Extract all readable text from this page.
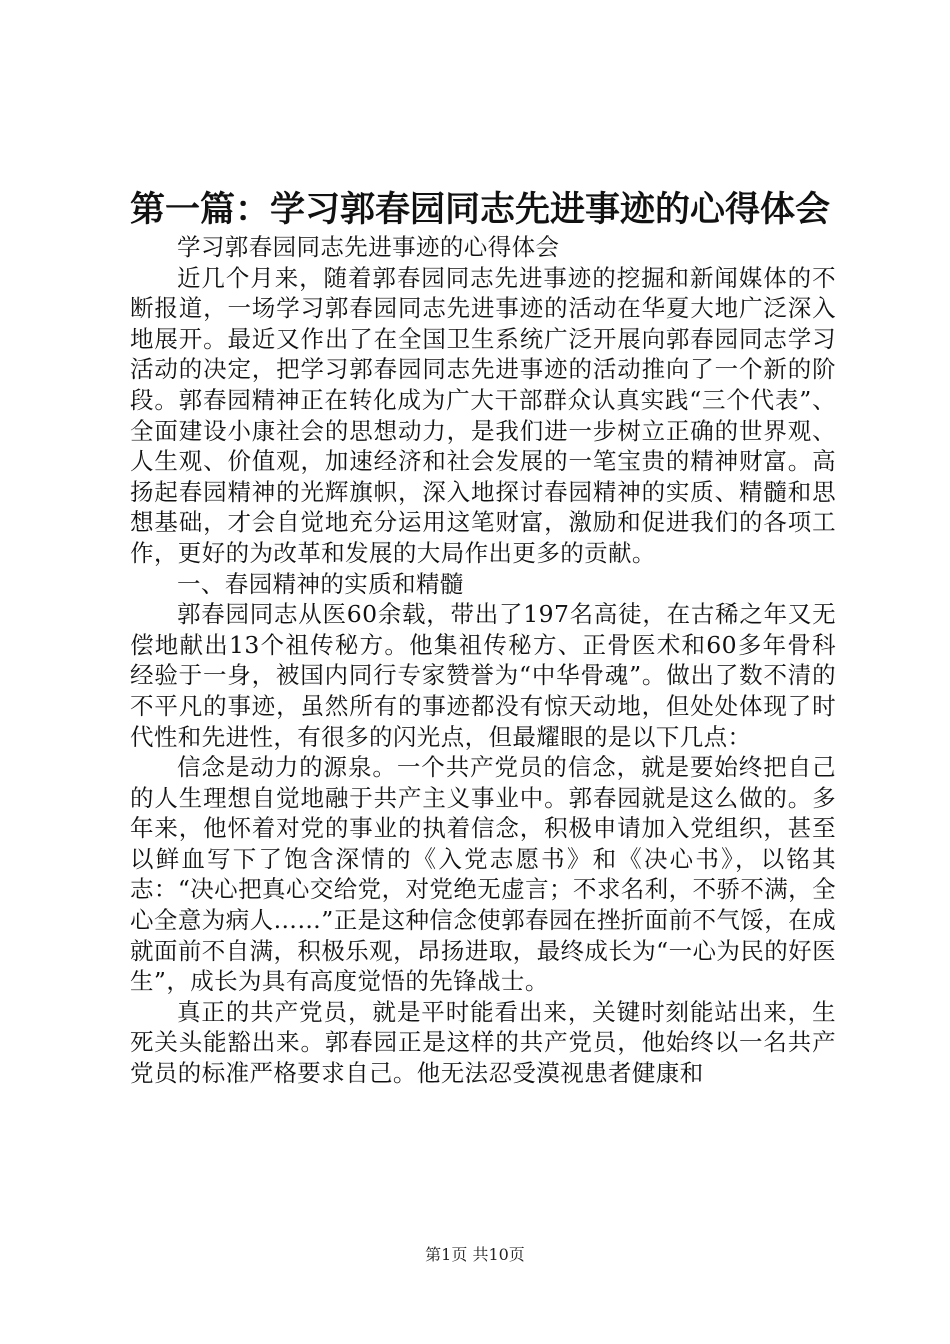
第一篇：学习郭春园同志先进事迹的心得体会

学习郭春园同志先进事迹的心得体会

近几个月来，随着郭春园同志先进事迹的挖掘和新闻媒体的不断报道，一场学习郭春园同志先进事迹的活动在华夏大地广泛深入地展开。最近又作出了在全国卫生系统广泛开展向郭春园同志学习活动的决定，把学习郭春园同志先进事迹的活动推向了一个新的阶段。郭春园精神正在转化成为广大干部群众认真实践“三个代表”、全面建设小康社会的思想动力，是我们进一步树立正确的世界观、人生观、价值观，加速经济和社会发展的一笔宝贵的精神财富。高扬起春园精神的光辉旗帜，深入地探讨春园精神的实质、精髓和思想基础，才会自觉地充分运用这笔财富，激励和促进我们的各项工作，更好的为改革和发展的大局作出更多的贡献。

一、春园精神的实质和精髓

郭春园同志从医60余载，带出了197名高徒，在古稀之年又无偿地献出13个祖传秘方。他集祖传秘方、正骨医术和60多年骨科经验于一身，被国内同行专家赞誉为“中华骨魂”。做出了数不清的不平凡的事迹，虽然所有的事迹都没有惊天动地，但处处体现了时代性和先进性，有很多的闪光点，但最耀眼的是以下几点：

信念是动力的源泉。一个共产党员的信念，就是要始终把自己的人生理想自觉地融于共产主义事业中。郭春园就是这么做的。多年来，他怀着对党的事业的执着信念，积极申请加入党组织，甚至以鲜血写下了饱含深情的《入党志愿书》和《决心书》，以铭其志：“决心把真心交给党，对党绝无虚言；不求名利，不骄不满，全心全意为病人……”正是这种信念使郭春园在挫折面前不气馁，在成就面前不自满，积极乐观，昂扬进取，最终成长为“一心为民的好医生”，成长为具有高度觉悟的先锋战士。

真正的共产党员，就是平时能看出来，关键时刻能站出来，生死关头能豁出来。郭春园正是这样的共产党员，他始终以一名共产党员的标准严格要求自己。他无法忍受漠视患者健康和

第1页 共10页
